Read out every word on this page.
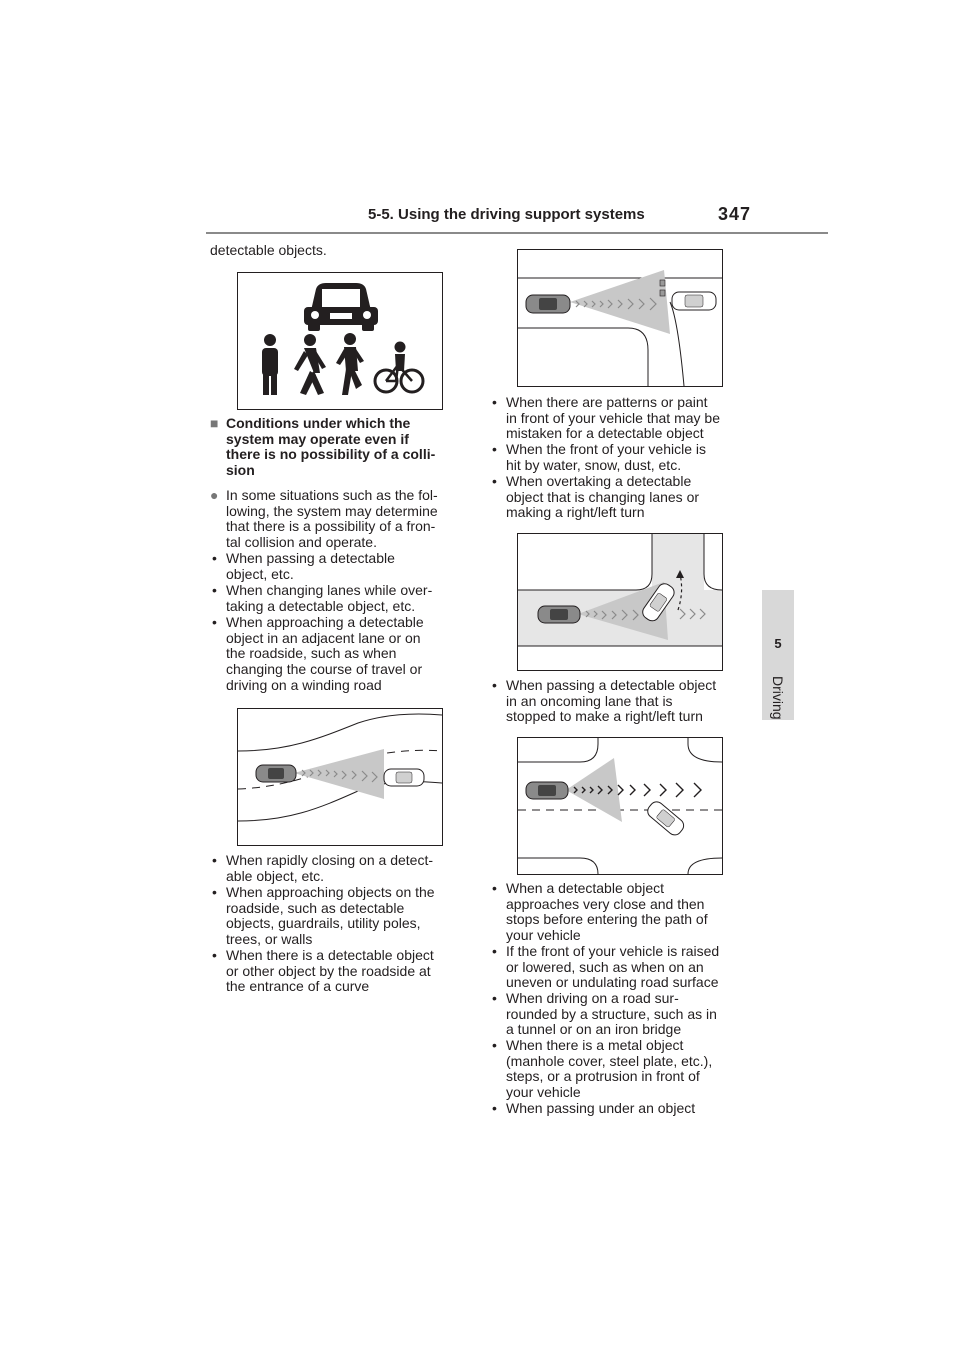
5-5. Using the driving support systems	347
5
Driving

detectable objects.

■ Conditions under which the
system may operate even if
there is no possibility of a colli-
sion
● In some situations such as the fol-
lowing, the system may determine
that there is a possibility of a fron-
tal collision and operate.
• When passing a detectable
object, etc.
• When changing lanes while over-
taking a detectable object, etc.
• When approaching a detectable
object in an adjacent lane or on
the roadside, such as when
changing the course of travel or
driving on a winding road
• When rapidly closing on a detect-
able object, etc.
• When approaching objects on the
roadside, such as detectable
objects, guardrails, utility poles,
trees, or walls
• When there is a detectable object
or other object by the roadside at
the entrance of a curve
• When there are patterns or paint
in front of your vehicle that may be
mistaken for a detectable object
• When the front of your vehicle is
hit by water, snow, dust, etc.
• When overtaking a detectable
object that is changing lanes or
making a right/left turn
• When passing a detectable object
in an oncoming lane that is
stopped to make a right/left turn
• When a detectable object
approaches very close and then
stops before entering the path of
your vehicle
• If the front of your vehicle is raised
or lowered, such as when on an
uneven or undulating road surface
• When driving on a road sur-
rounded by a structure, such as in
a tunnel or on an iron bridge
• When there is a metal object
(manhole cover, steel plate, etc.),
steps, or a protrusion in front of
your vehicle
• When passing under an object
